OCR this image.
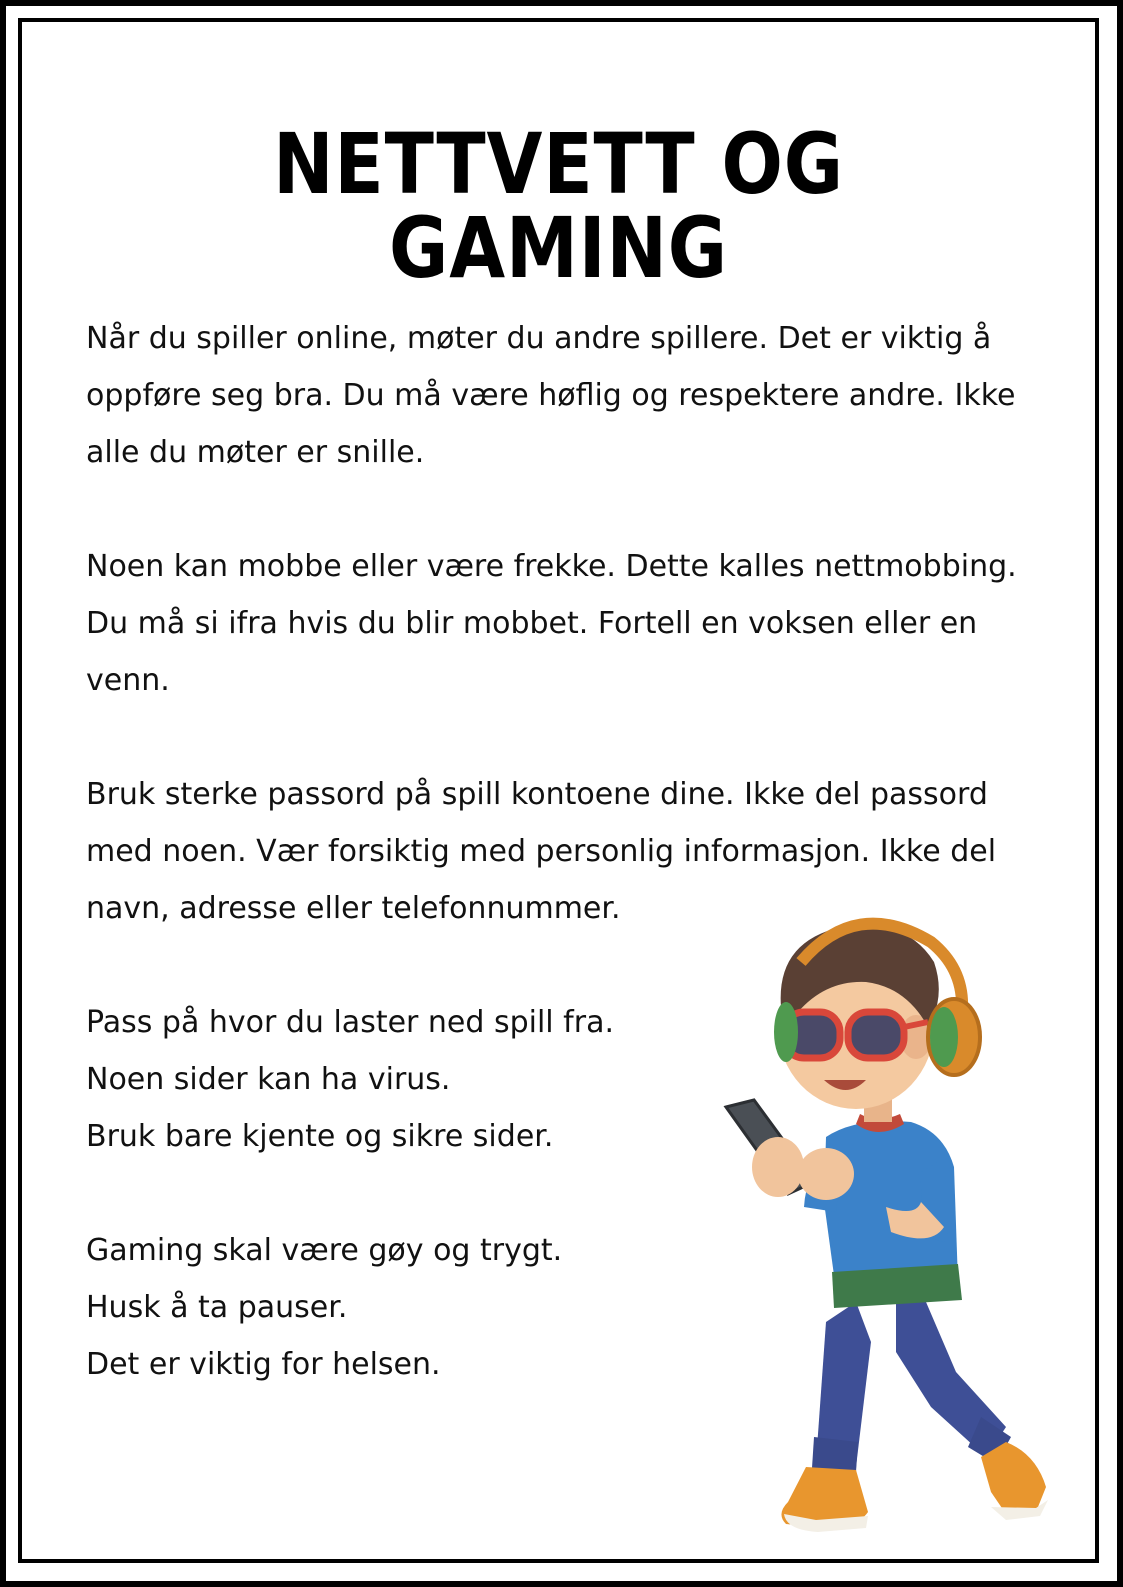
NETTVETT OG GAMING

Når du spiller online, møter du andre spillere. Det er viktig å
oppføre seg bra. Du må være høflig og respektere andre. Ikke
alle du møter er snille.

Noen kan mobbe eller være frekke. Dette kalles nettmobbing.
Du må si ifra hvis du blir mobbet. Fortell en voksen eller en
venn.

Bruk sterke passord på spill kontoene dine. Ikke del passord
med noen. Vær forsiktig med personlig informasjon. Ikke del
navn, adresse eller telefonnummer.

Pass på hvor du laster ned spill fra.
Noen sider kan ha virus.
Bruk bare kjente og sikre sider.

Gaming skal være gøy og trygt.
Husk å ta pauser.
Det er viktig for helsen.
